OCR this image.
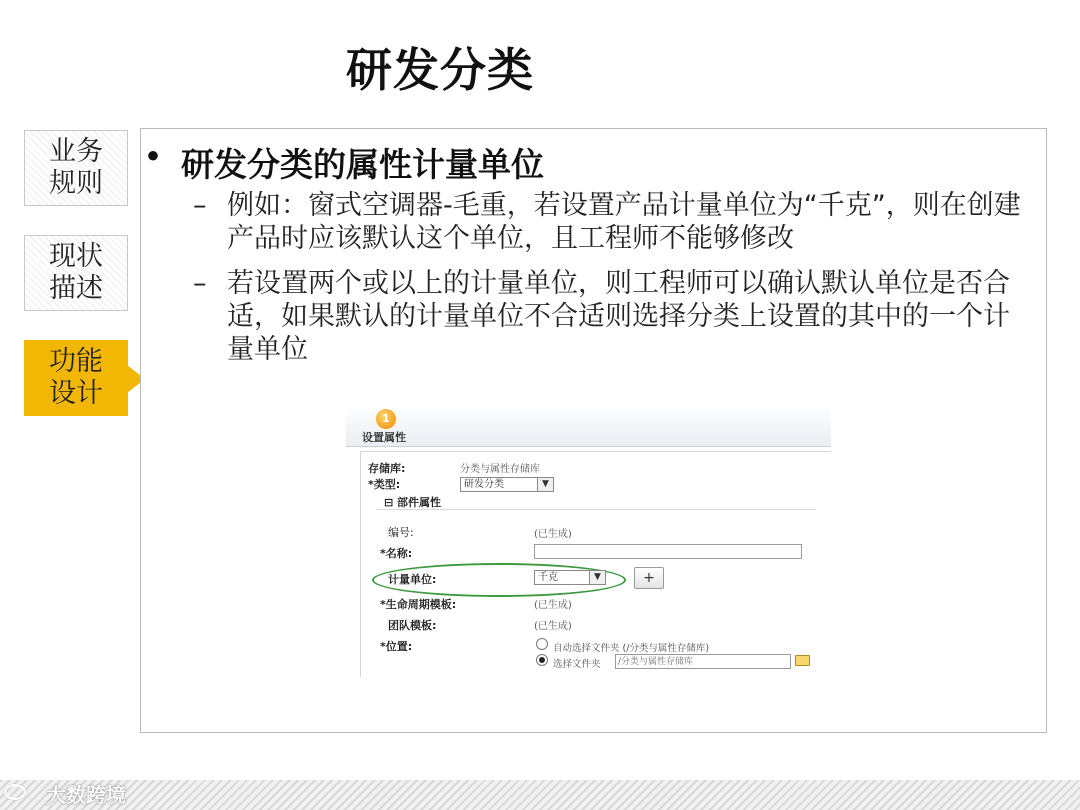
研发分类
业务
规则
现状
描述
功能
设计
• 研发分类的属性计量单位
– 例如：窗式空调器-毛重，若设置产品计量单位为“千克”，则在创建产品时应该默认这个单位，且工程师不能够修改
– 若设置两个或以上的计量单位，则工程师可以确认默认单位是否合适，如果默认的计量单位不合适则选择分类上设置的其中的一个计量单位
1
设置属性
存储库:	分类与属性存储库
*类型:	研发分类	▼
⊟ 部件属性
编号:	(已生成)
*名称:
计量单位:	千克	▼	+
*生命周期模板:	(已生成)
团队模板:	(已生成)
*位置:	自动选择文件夹 (/分类与属性存储库)
选择文件夹
/分类与属性存储库
大数跨境
